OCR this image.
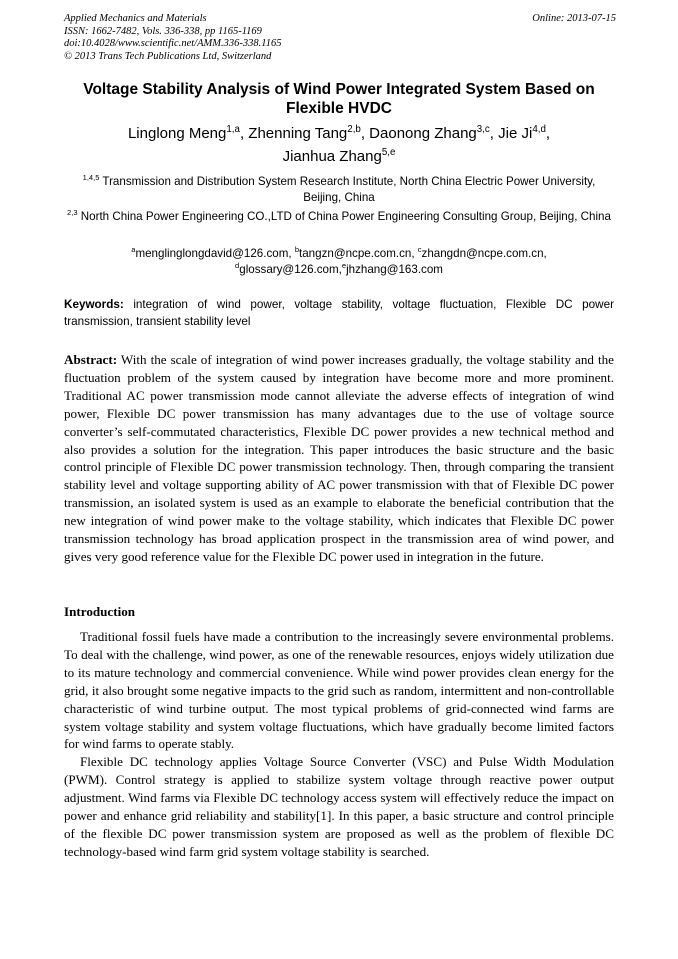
Applied Mechanics and Materials
ISSN: 1662-7482, Vols. 336-338, pp 1165-1169
doi:10.4028/www.scientific.net/AMM.336-338.1165
© 2013 Trans Tech Publications Ltd, Switzerland
Online: 2013-07-15
Voltage Stability Analysis of Wind Power Integrated System Based on Flexible HVDC
Linglong Meng$^{1,a}$, Zhenning Tang$^{2,b}$, Daonong Zhang$^{3,c}$, Jie Ji$^{4,d}$,
Jianhua Zhang$^{5,e}$
$^{1,4,5}$ Transmission and Distribution System Research Institute, North China Electric Power University, Beijing, China
$^{2,3}$ North China Power Engineering CO.,LTD of China Power Engineering Consulting Group, Beijing, China
$^a$menglinglongdavid@126.com, $^b$tangzn@ncpe.com.cn, $^c$zhangdn@ncpe.com.cn,
$^d$glossary@126.com,$^e$jhzhang@163.com
Keywords: integration of wind power, voltage stability, voltage fluctuation, Flexible DC power transmission, transient stability level
Abstract: With the scale of integration of wind power increases gradually, the voltage stability and the fluctuation problem of the system caused by integration have become more and more prominent. Traditional AC power transmission mode cannot alleviate the adverse effects of integration of wind power, Flexible DC power transmission has many advantages due to the use of voltage source converter’s self-commutated characteristics, Flexible DC power provides a new technical method and also provides a solution for the integration. This paper introduces the basic structure and the basic control principle of Flexible DC power transmission technology. Then, through comparing the transient stability level and voltage supporting ability of AC power transmission with that of Flexible DC power transmission, an isolated system is used as an example to elaborate the beneficial contribution that the new integration of wind power make to the voltage stability, which indicates that Flexible DC power transmission technology has broad application prospect in the transmission area of wind power, and gives very good reference value for the Flexible DC power used in integration in the future.
Introduction

Traditional fossil fuels have made a contribution to the increasingly severe environmental problems. To deal with the challenge, wind power, as one of the renewable resources, enjoys widely utilization due to its mature technology and commercial convenience. While wind power provides clean energy for the grid, it also brought some negative impacts to the grid such as random, intermittent and non-controllable characteristic of wind turbine output. The most typical problems of grid-connected wind farms are system voltage stability and system voltage fluctuations, which have gradually become limited factors for wind farms to operate stably.

Flexible DC technology applies Voltage Source Converter (VSC) and Pulse Width Modulation (PWM). Control strategy is applied to stabilize system voltage through reactive power output adjustment. Wind farms via Flexible DC technology access system will effectively reduce the impact on power and enhance grid reliability and stability[1]. In this paper, a basic structure and control principle of the flexible DC power transmission system are proposed as well as the problem of flexible DC technology-based wind farm grid system voltage stability is searched.
